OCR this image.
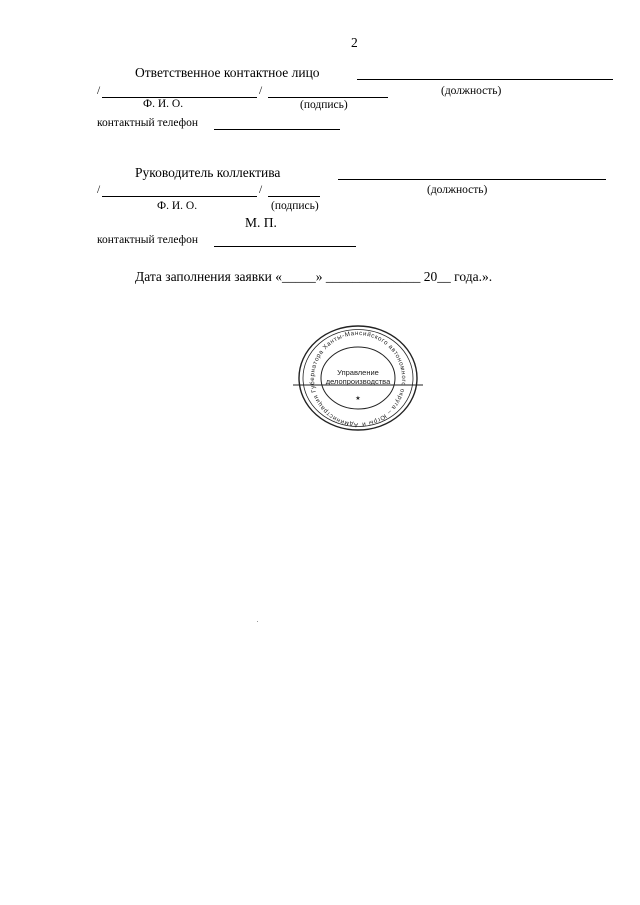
2
Ответственное контактное лицо
/	/	(должность)
Ф. И. О.	(подпись)
контактный телефон
Руководитель коллектива
/	/	(должность)
Ф. И. О.	(подпись)
М. П.
контактный телефон
Дата заполнения заявки «_____» ______________ 20__ года.».
Администрация Губернатора Ханты-Мансийского автономного округа – Югры и Правительства
Управление
делопроизводства
★
